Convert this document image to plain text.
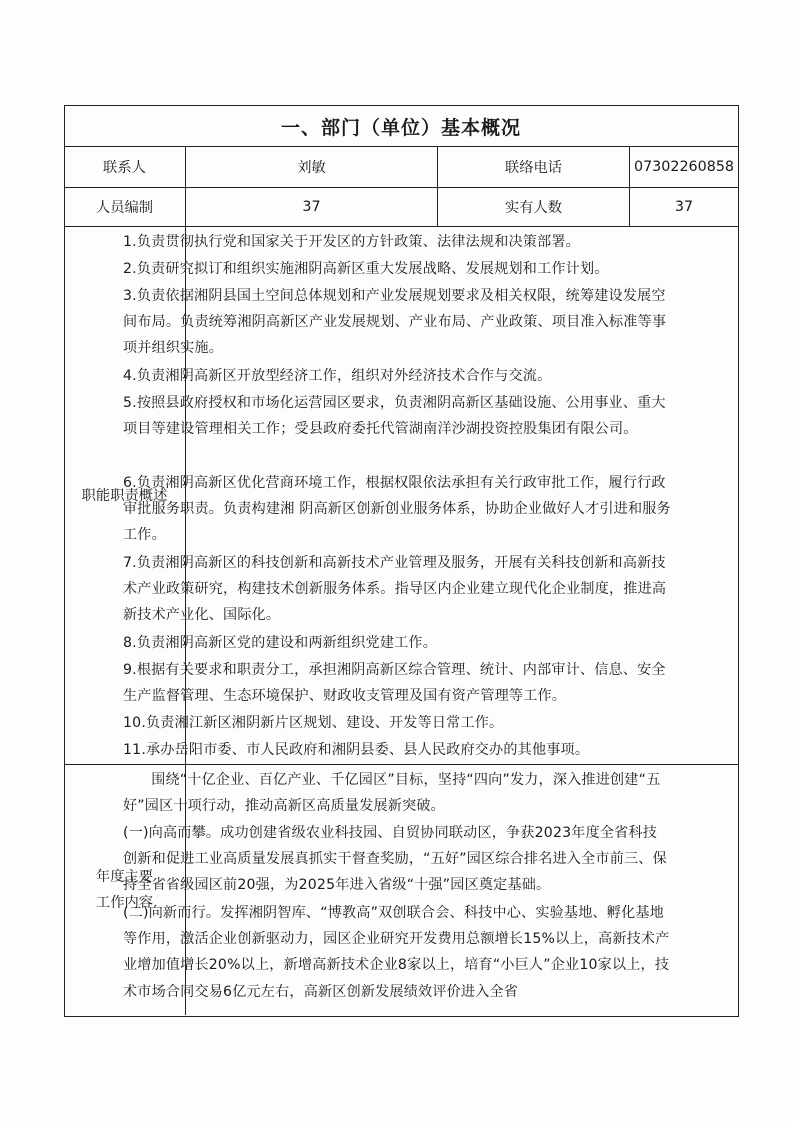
一、部门（单位）基本概况
联系人	刘敏	联络电话	07302260858
人员编制	37	实有人数	37
职能职责概述
1.负责贯彻执行党和国家关于开发区的方针政策、法律法规和决策部署。
2.负责研究拟订和组织实施湘阴高新区重大发展战略、发展规划和工作计划。
3.负责依据湘阴县国土空间总体规划和产业发展规划要求及相关权限，统筹建设发展空间布局。负责统筹湘阴高新区产业发展规划、产业布局、产业政策、项目准入标准等事项并组织实施。
4.负责湘阴高新区开放型经济工作，组织对外经济技术合作与交流。
5.按照县政府授权和市场化运营园区要求，负责湘阴高新区基础设施、公用事业、重大项目等建设管理相关工作；受县政府委托代管湖南洋沙湖投资控股集团有限公司。
6.负责湘阴高新区优化营商环境工作，根据权限依法承担有关行政审批工作，履行行政审批服务职责。负责构建湘 阴高新区创新创业服务体系，协助企业做好人才引进和服务工作。
7.负责湘阴高新区的科技创新和高新技术产业管理及服务，开展有关科技创新和高新技术产业政策研究，构建技术创新服务体系。指导区内企业建立现代化企业制度，推进高新技术产业化、国际化。
8.负责湘阴高新区党的建设和两新组织党建工作。
9.根据有关要求和职责分工，承担湘阴高新区综合管理、统计、内部审计、信息、安全生产监督管理、生态环境保护、财政收支管理及国有资产管理等工作。
10.负责湘江新区湘阴新片区规划、建设、开发等日常工作。
11.承办岳阳市委、市人民政府和湘阴县委、县人民政府交办的其他事项。
年度主要
工作内容
围绕“十亿企业、百亿产业、千亿园区”目标，坚持“四向”发力，深入推进创建“五好”园区十项行动，推动高新区高质量发展新突破。
(一)向高而攀。成功创建省级农业科技园、自贸协同联动区，争获2023年度全省科技创新和促进工业高质量发展真抓实干督查奖励，“五好”园区综合排名进入全市前三、保持全省省级园区前20强，为2025年进入省级“十强”园区奠定基础。
(二)向新而行。发挥湘阴智库、“博教高”双创联合会、科技中心、实验基地、孵化基地等作用，激活企业创新驱动力，园区企业研究开发费用总额增长15%以上，高新技术产业增加值增长20%以上，新增高新技术企业8家以上，培育“小巨人”企业10家以上，技术市场合同交易6亿元左右，高新区创新发展绩效评价进入全省
